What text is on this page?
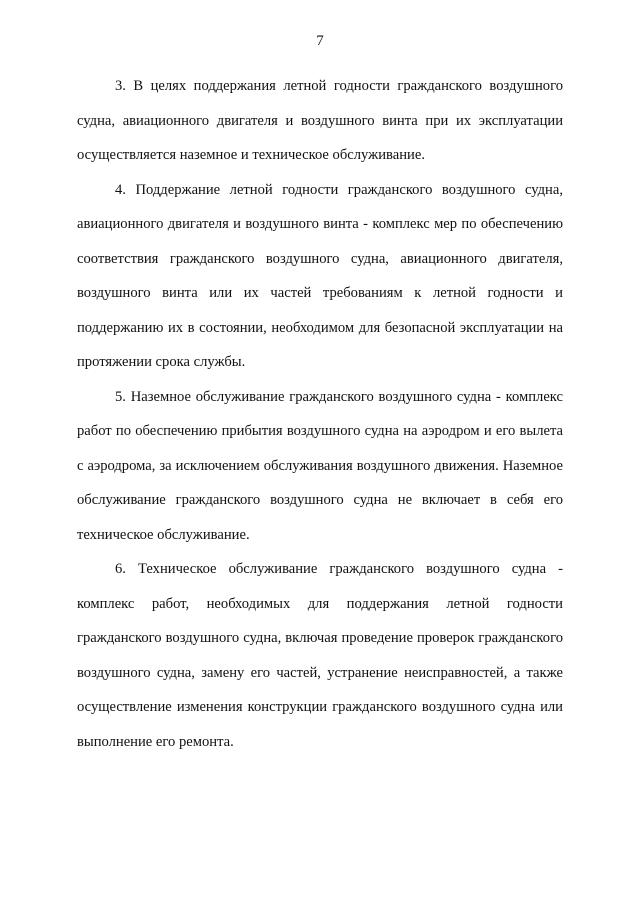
7

3. В целях поддержания летной годности гражданского воздушного судна, авиационного двигателя и воздушного винта при их эксплуатации осуществляется наземное и техническое обслуживание.

4. Поддержание летной годности гражданского воздушного судна, авиационного двигателя и воздушного винта - комплекс мер по обеспечению соответствия гражданского воздушного судна, авиационного двигателя, воздушного винта или их частей требованиям к летной годности и поддержанию их в состоянии, необходимом для безопасной эксплуатации на протяжении срока службы.

5. Наземное обслуживание гражданского воздушного судна - комплекс работ по обеспечению прибытия воздушного судна на аэродром и его вылета с аэродрома, за исключением обслуживания воздушного движения. Наземное обслуживание гражданского воздушного судна не включает в себя его техническое обслуживание.

6. Техническое обслуживание гражданского воздушного судна - комплекс работ, необходимых для поддержания летной годности гражданского воздушного судна, включая проведение проверок гражданского воздушного судна, замену его частей, устранение неисправностей, а также осуществление изменения конструкции гражданского воздушного судна или выполнение его ремонта.
